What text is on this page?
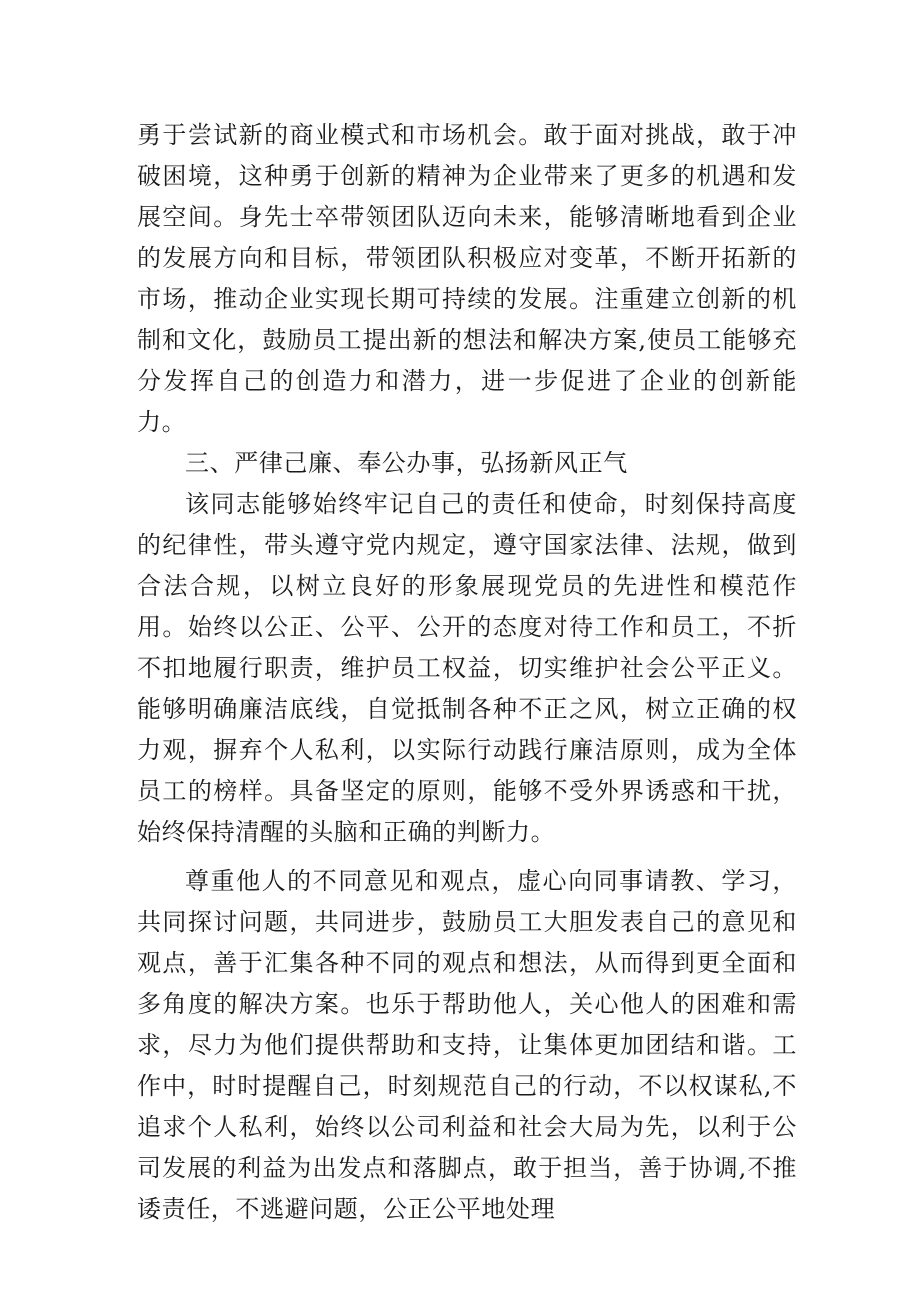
勇于尝试新的商业模式和市场机会。敢于面对挑战，敢于冲破困境，这种勇于创新的精神为企业带来了更多的机遇和发展空间。身先士卒带领团队迈向未来，能够清晰地看到企业的发展方向和目标，带领团队积极应对变革，不断开拓新的市场，推动企业实现长期可持续的发展。注重建立创新的机制和文化，鼓励员工提出新的想法和解决方案,使员工能够充分发挥自己的创造力和潜力，进一步促进了企业的创新能力。

三、严律己廉、奉公办事，弘扬新风正气

该同志能够始终牢记自己的责任和使命，时刻保持高度的纪律性，带头遵守党内规定，遵守国家法律、法规，做到合法合规，以树立良好的形象展现党员的先进性和模范作用。始终以公正、公平、公开的态度对待工作和员工，不折不扣地履行职责，维护员工权益，切实维护社会公平正义。能够明确廉洁底线，自觉抵制各种不正之风，树立正确的权力观，摒弃个人私利，以实际行动践行廉洁原则，成为全体员工的榜样。具备坚定的原则，能够不受外界诱惑和干扰，始终保持清醒的头脑和正确的判断力。

尊重他人的不同意见和观点，虚心向同事请教、学习，共同探讨问题，共同进步，鼓励员工大胆发表自己的意见和观点，善于汇集各种不同的观点和想法，从而得到更全面和多角度的解决方案。也乐于帮助他人，关心他人的困难和需求，尽力为他们提供帮助和支持，让集体更加团结和谐。工作中，时时提醒自己，时刻规范自己的行动，不以权谋私,不追求个人私利，始终以公司利益和社会大局为先，以利于公司发展的利益为出发点和落脚点，敢于担当，善于协调,不推诿责任，不逃避问题，公正公平地处理
